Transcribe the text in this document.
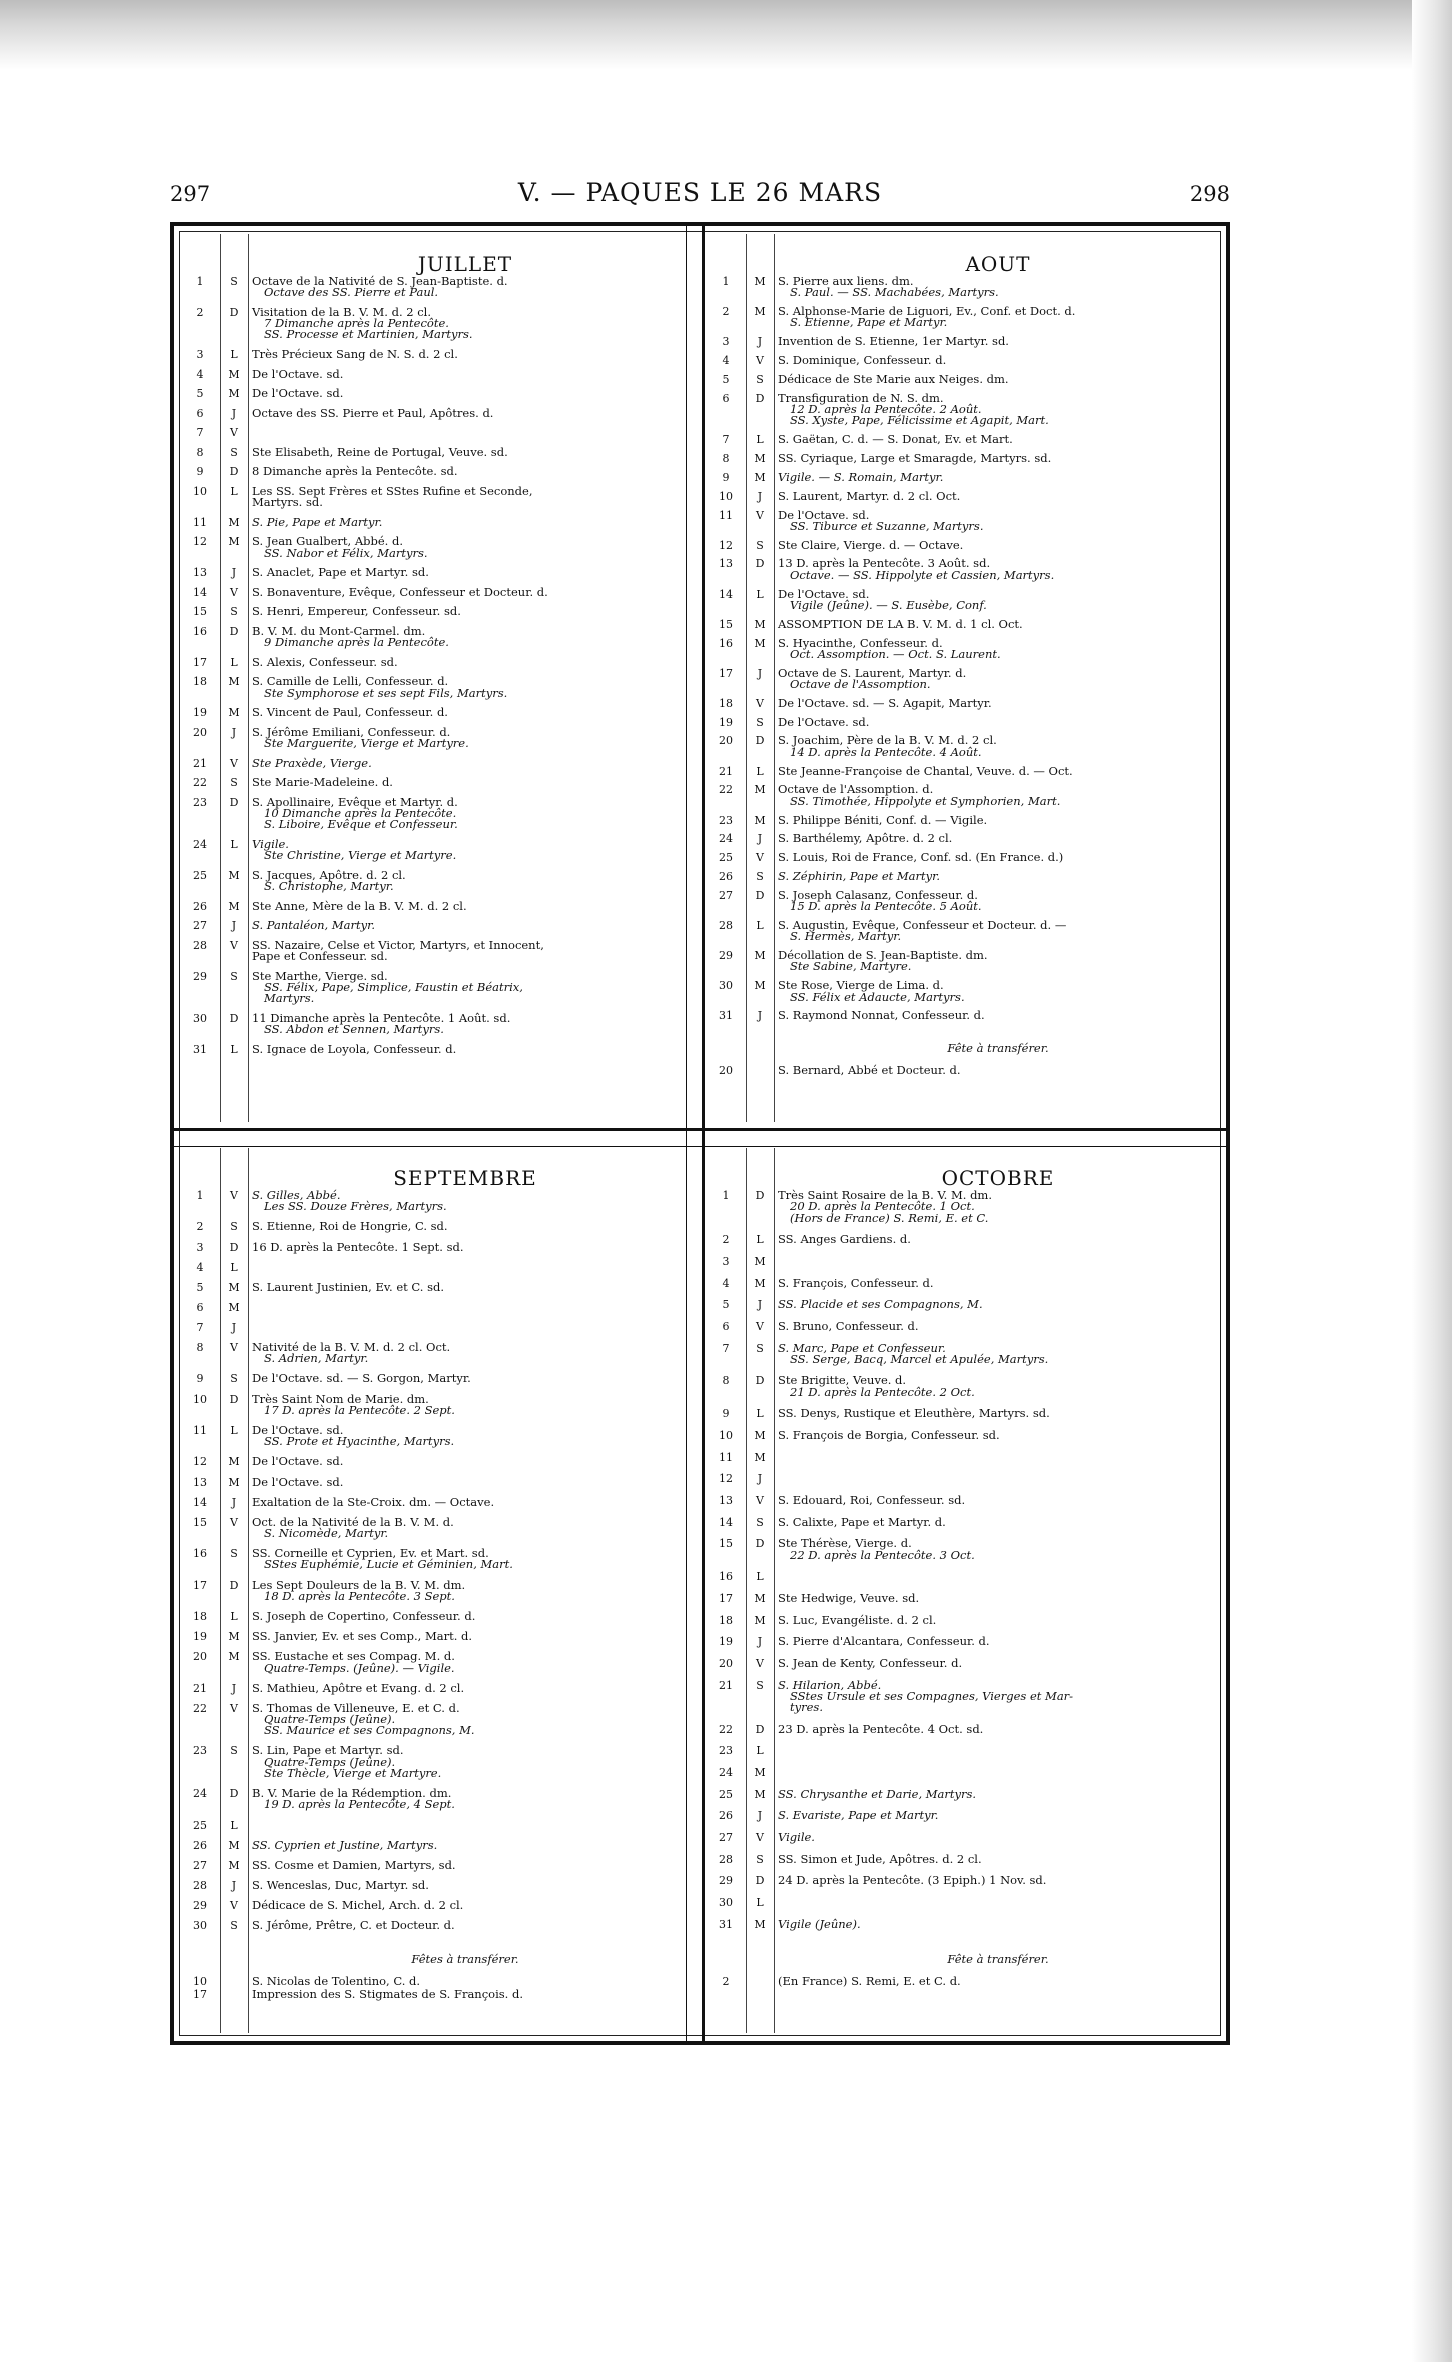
297	V. — PAQUES LE 26 MARS	298
JUILLET
1	S	Octave de la Nativité de S. Jean-Baptiste. d.
Octave des SS. Pierre et Paul.
2	D	Visitation de la B. V. M. d. 2 cl.
7 Dimanche après la Pentecôte.
SS. Processe et Martinien, Martyrs.
3	L	Très Précieux Sang de N. S. d. 2 cl.
4	M	De l'Octave. sd.
5	M	De l'Octave. sd.
6	J	Octave des SS. Pierre et Paul, Apôtres. d.
7	V
8	S	Ste Elisabeth, Reine de Portugal, Veuve. sd.
9	D	8 Dimanche après la Pentecôte. sd.
10	L	Les SS. Sept Frères et SStes Rufine et Seconde,
Martyrs. sd.
11	M	S. Pie, Pape et Martyr.
12	M	S. Jean Gualbert, Abbé. d.
SS. Nabor et Félix, Martyrs.
13	J	S. Anaclet, Pape et Martyr. sd.
14	V	S. Bonaventure, Evêque, Confesseur et Docteur. d.
15	S	S. Henri, Empereur, Confesseur. sd.
16	D	B. V. M. du Mont-Carmel. dm.
9 Dimanche après la Pentecôte.
17	L	S. Alexis, Confesseur. sd.
18	M	S. Camille de Lelli, Confesseur. d.
Ste Symphorose et ses sept Fils, Martyrs.
19	M	S. Vincent de Paul, Confesseur. d.
20	J	S. Jérôme Emiliani, Confesseur. d.
Ste Marguerite, Vierge et Martyre.
21	V	Ste Praxède, Vierge.
22	S	Ste Marie-Madeleine. d.
23	D	S. Apollinaire, Evêque et Martyr. d.
10 Dimanche après la Pentecôte.
S. Liboire, Evêque et Confesseur.
24	L	Vigile.
Ste Christine, Vierge et Martyre.
25	M	S. Jacques, Apôtre. d. 2 cl.
S. Christophe, Martyr.
26	M	Ste Anne, Mère de la B. V. M. d. 2 cl.
27	J	S. Pantaléon, Martyr.
28	V	SS. Nazaire, Celse et Victor, Martyrs, et Innocent,
Pape et Confesseur. sd.
29	S	Ste Marthe, Vierge. sd.
SS. Félix, Pape, Simplice, Faustin et Béatrix,
Martyrs.
30	D	11 Dimanche après la Pentecôte. 1 Août. sd.
SS. Abdon et Sennen, Martyrs.
31	L	S. Ignace de Loyola, Confesseur. d.
AOUT
1	M	S. Pierre aux liens. dm.
S. Paul. — SS. Machabées, Martyrs.
2	M	S. Alphonse-Marie de Liguori, Ev., Conf. et Doct. d.
S. Etienne, Pape et Martyr.
3	J	Invention de S. Etienne, 1er Martyr. sd.
4	V	S. Dominique, Confesseur. d.
5	S	Dédicace de Ste Marie aux Neiges. dm.
6	D	Transfiguration de N. S. dm.
12 D. après la Pentecôte. 2 Août.
SS. Xyste, Pape, Félicissime et Agapit, Mart.
7	L	S. Gaëtan, C. d. — S. Donat, Ev. et Mart.
8	M	SS. Cyriaque, Large et Smaragde, Martyrs. sd.
9	M	Vigile. — S. Romain, Martyr.
10	J	S. Laurent, Martyr. d. 2 cl. Oct.
11	V	De l'Octave. sd.
SS. Tiburce et Suzanne, Martyrs.
12	S	Ste Claire, Vierge. d. — Octave.
13	D	13 D. après la Pentecôte. 3 Août. sd.
Octave. — SS. Hippolyte et Cassien, Martyrs.
14	L	De l'Octave. sd.
Vigile (Jeûne). — S. Eusèbe, Conf.
15	M	ASSOMPTION DE LA B. V. M. d. 1 cl. Oct.
16	M	S. Hyacinthe, Confesseur. d.
Oct. Assomption. — Oct. S. Laurent.
17	J	Octave de S. Laurent, Martyr. d.
Octave de l'Assomption.
18	V	De l'Octave. sd. — S. Agapit, Martyr.
19	S	De l'Octave. sd.
20	D	S. Joachim, Père de la B. V. M. d. 2 cl.
14 D. après la Pentecôte. 4 Août.
21	L	Ste Jeanne-Françoise de Chantal, Veuve. d. — Oct.
22	M	Octave de l'Assomption. d.
SS. Timothée, Hippolyte et Symphorien, Mart.
23	M	S. Philippe Béniti, Conf. d. — Vigile.
24	J	S. Barthélemy, Apôtre. d. 2 cl.
25	V	S. Louis, Roi de France, Conf. sd. (En France. d.)
26	S	S. Zéphirin, Pape et Martyr.
27	D	S. Joseph Calasanz, Confesseur. d.
15 D. après la Pentecôte. 5 Août.
28	L	S. Augustin, Evêque, Confesseur et Docteur. d. —
S. Hermès, Martyr.
29	M	Décollation de S. Jean-Baptiste. dm.
Ste Sabine, Martyre.
30	M	Ste Rose, Vierge de Lima. d.
SS. Félix et Adaucte, Martyrs.
31	J	S. Raymond Nonnat, Confesseur. d.
Fête à transférer.
20	S. Bernard, Abbé et Docteur. d.
SEPTEMBRE
1	V	S. Gilles, Abbé.
Les SS. Douze Frères, Martyrs.
2	S	S. Etienne, Roi de Hongrie, C. sd.
3	D	16 D. après la Pentecôte. 1 Sept. sd.
4	L
5	M	S. Laurent Justinien, Ev. et C. sd.
6	M
7	J
8	V	Nativité de la B. V. M. d. 2 cl. Oct.
S. Adrien, Martyr.
9	S	De l'Octave. sd. — S. Gorgon, Martyr.
10	D	Très Saint Nom de Marie. dm.
17 D. après la Pentecôte. 2 Sept.
11	L	De l'Octave. sd.
SS. Prote et Hyacinthe, Martyrs.
12	M	De l'Octave. sd.
13	M	De l'Octave. sd.
14	J	Exaltation de la Ste-Croix. dm. — Octave.
15	V	Oct. de la Nativité de la B. V. M. d.
S. Nicomède, Martyr.
16	S	SS. Corneille et Cyprien, Ev. et Mart. sd.
SStes Euphémie, Lucie et Géminien, Mart.
17	D	Les Sept Douleurs de la B. V. M. dm.
18 D. après la Pentecôte. 3 Sept.
18	L	S. Joseph de Copertino, Confesseur. d.
19	M	SS. Janvier, Ev. et ses Comp., Mart. d.
20	M	SS. Eustache et ses Compag. M. d.
Quatre-Temps. (Jeûne). — Vigile.
21	J	S. Mathieu, Apôtre et Evang. d. 2 cl.
22	V	S. Thomas de Villeneuve, E. et C. d.
Quatre-Temps (Jeûne).
SS. Maurice et ses Compagnons, M.
23	S	S. Lin, Pape et Martyr. sd.
Quatre-Temps (Jeûne).
Ste Thècle, Vierge et Martyre.
24	D	B. V. Marie de la Rédemption. dm.
19 D. après la Pentecôte, 4 Sept.
25	L
26	M	SS. Cyprien et Justine, Martyrs.
27	M	SS. Cosme et Damien, Martyrs, sd.
28	J	S. Wenceslas, Duc, Martyr. sd.
29	V	Dédicace de S. Michel, Arch. d. 2 cl.
30	S	S. Jérôme, Prêtre, C. et Docteur. d.
Fêtes à transférer.
10	S. Nicolas de Tolentino, C. d.
17	Impression des S. Stigmates de S. François. d.
OCTOBRE
1	D	Très Saint Rosaire de la B. V. M. dm.
20 D. après la Pentecôte. 1 Oct.
(Hors de France) S. Remi, E. et C.
2	L	SS. Anges Gardiens. d.
3	M
4	M	S. François, Confesseur. d.
5	J	SS. Placide et ses Compagnons, M.
6	V	S. Bruno, Confesseur. d.
7	S	S. Marc, Pape et Confesseur.
SS. Serge, Bacq, Marcel et Apulée, Martyrs.
8	D	Ste Brigitte, Veuve. d.
21 D. après la Pentecôte. 2 Oct.
9	L	SS. Denys, Rustique et Eleuthère, Martyrs. sd.
10	M	S. François de Borgia, Confesseur. sd.
11	M
12	J
13	V	S. Edouard, Roi, Confesseur. sd.
14	S	S. Calixte, Pape et Martyr. d.
15	D	Ste Thérèse, Vierge. d.
22 D. après la Pentecôte. 3 Oct.
16	L
17	M	Ste Hedwige, Veuve. sd.
18	M	S. Luc, Evangéliste. d. 2 cl.
19	J	S. Pierre d'Alcantara, Confesseur. d.
20	V	S. Jean de Kenty, Confesseur. d.
21	S	S. Hilarion, Abbé.
SStes Ursule et ses Compagnes, Vierges et Mar-
tyres.
22	D	23 D. après la Pentecôte. 4 Oct. sd.
23	L
24	M
25	M	SS. Chrysanthe et Darie, Martyrs.
26	J	S. Evariste, Pape et Martyr.
27	V	Vigile.
28	S	SS. Simon et Jude, Apôtres. d. 2 cl.
29	D	24 D. après la Pentecôte. (3 Epiph.) 1 Nov. sd.
30	L
31	M	Vigile (Jeûne).
Fête à transférer.
2	(En France) S. Remi, E. et C. d.
